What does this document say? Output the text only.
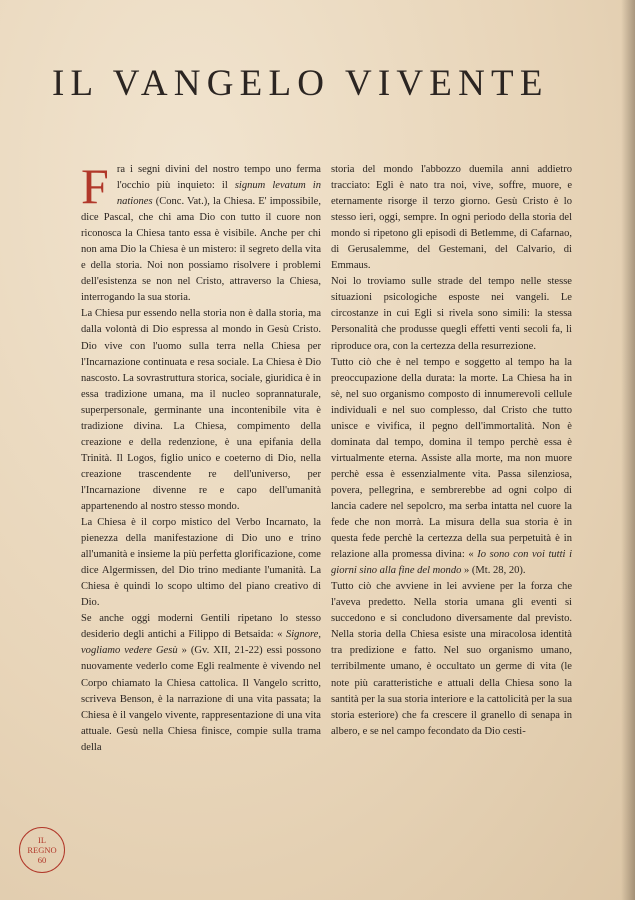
IL VANGELO VIVENTE

Fra i segni divini del nostro tempo uno ferma l'occhio più inquieto: il signum levatum in nationes (Conc. Vat.), la Chiesa. E' impossibile, dice Pascal, che chi ama Dio con tutto il cuore non riconosca la Chiesa tanto essa è visibile. Anche per chi non ama Dio la Chiesa è un mistero: il segreto della vita e della storia. Noi non possiamo risolvere i problemi dell'esistenza se non nel Cristo, attraverso la Chiesa, interrogando la sua storia.

La Chiesa pur essendo nella storia non è dalla storia, ma dalla volontà di Dio espressa al mondo in Gesù Cristo. Dio vive con l'uomo sulla terra nella Chiesa per l'Incarnazione continuata e resa sociale. La Chiesa è Dio nascosto. La sovrastruttura storica, sociale, giuridica è in essa tradizione umana, ma il nucleo soprannaturale, superpersonale, germinante una incontenibile vita è tradizione divina. La Chiesa, compimento della creazione e della redenzione, è una epifania della Trinità. Il Logos, figlio unico e coeterno di Dio, nella creazione trascendente re dell'universo, per l'Incarnazione divenne re e capo dell'umanità appartenendo al nostro stesso mondo.

La Chiesa è il corpo mistico del Verbo Incarnato, la pienezza della manifestazione di Dio uno e trino all'umanità e insieme la più perfetta glorificazione, come dice Algermissen, del Dio trino mediante l'umanità. La Chiesa è quindi lo scopo ultimo del piano creativo di Dio.

Se anche oggi moderni Gentili ripetano lo stesso desiderio degli antichi a Filippo di Betsaida: « Signore, vogliamo vedere Gesù » (Gv. XII, 21-22) essi possono nuovamente vederlo come Egli realmente è vivendo nel Corpo chiamato la Chiesa cattolica. Il Vangelo scritto, scriveva Benson, è la narrazione di una vita passata; la Chiesa è il vangelo vivente, rappresentazione di una vita attuale. Gesù nella Chiesa finisce, compie sulla trama della

storia del mondo l'abbozzo duemila anni addietro tracciato: Egli è nato tra noi, vive, soffre, muore, e eternamente risorge il terzo giorno. Gesù Cristo è lo stesso ieri, oggi, sempre. In ogni periodo della storia del mondo si ripetono gli episodi di Betlemme, di Cafarnao, di Gerusalemme, del Gestemani, del Calvario, di Emmaus.

Noi lo troviamo sulle strade del tempo nelle stesse situazioni psicologiche esposte nei vangeli. Le circostanze in cui Egli si rivela sono simili: la stessa Personalità che produsse quegli effetti venti secoli fa, li riproduce ora, con la certezza della resurrezione.

Tutto ciò che è nel tempo e soggetto al tempo ha la preoccupazione della durata: la morte. La Chiesa ha in sè, nel suo organismo composto di innumerevoli cellule individuali e nel suo complesso, dal Cristo che tutto unisce e vivifica, il pegno dell'immortalità. Non è dominata dal tempo, domina il tempo perchè essa è virtualmente eterna. Assiste alla morte, ma non muore perchè essa è essenzialmente vita. Passa silenziosa, povera, pellegrina, e sembrerebbe ad ogni colpo di lancia cadere nel sepolcro, ma serba intatta nel cuore la fede che non morrà. La misura della sua storia è in questa fede perchè la certezza della sua perpetuità è in relazione alla promessa divina: « Io sono con voi tutti i giorni sino alla fine del mondo » (Mt. 28, 20).

Tutto ciò che avviene in lei avviene per la forza che l'aveva predetto. Nella storia umana gli eventi si succedono e si concludono diversamente dal previsto. Nella storia della Chiesa esiste una miracolosa identità tra predizione e fatto. Nel suo organismo umano, terribilmente umano, è occultato un germe di vita (le note più caratteristiche e attuali della Chiesa sono la santità per la sua storia interiore e la cattolicità per la sua storia esteriore) che fa crescere il granello di senapa in albero, e se nel campo fecondato da Dio cesti-

IL
REGNO
60
